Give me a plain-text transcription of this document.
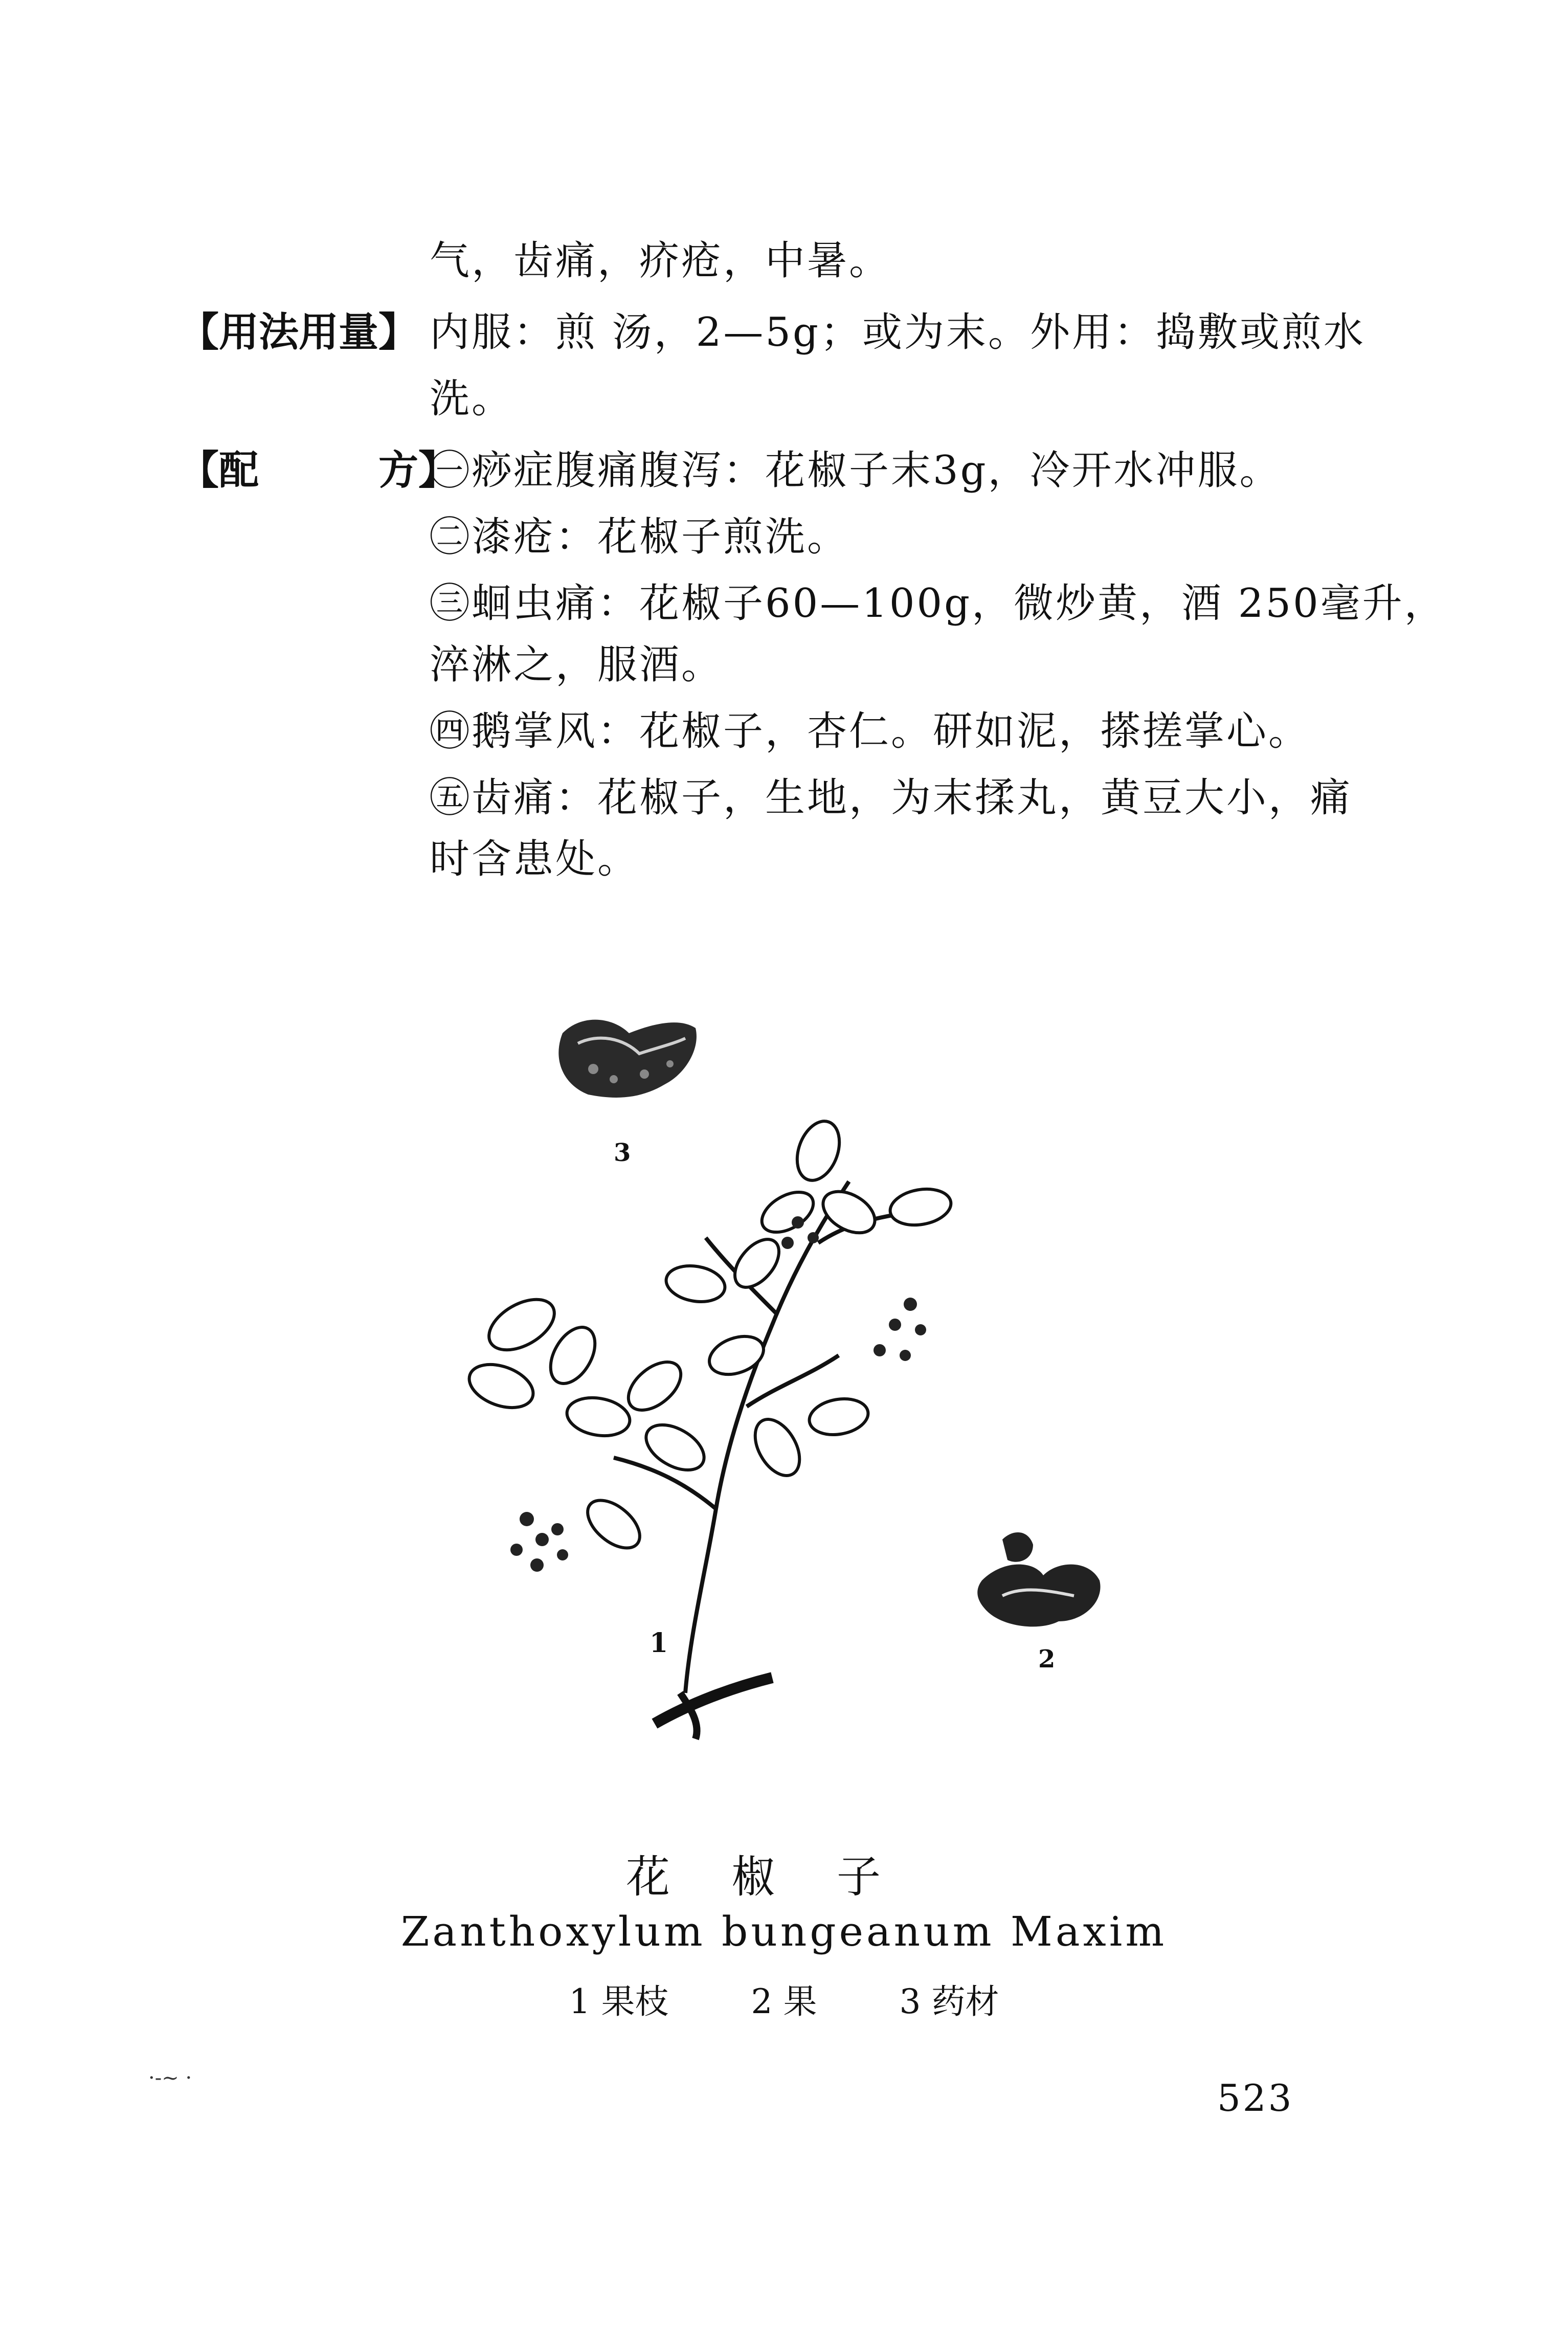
气，齿痛，疥疮，中暑。
【用法用量】 内服：煎 汤，2—5g；或为末。外用：捣敷或煎水
洗。
【配　　　方】
㊀痧症腹痛腹泻：花椒子末3g，冷开水冲服。
㊁漆疮：花椒子煎洗。
㊂蛔虫痛：花椒子60—100g，微炒黄，酒 250毫升，
淬淋之，服酒。
㊃鹅掌风：花椒子，杏仁。研如泥，搽搓掌心。
㊄齿痛：花椒子，生地，为末揉丸，黄豆大小，痛
时含患处。
3
1
2
花椒子
Zanthoxylum bungeanum Maxim
1 果枝 2 果 3 药材
·-~ ·	523
